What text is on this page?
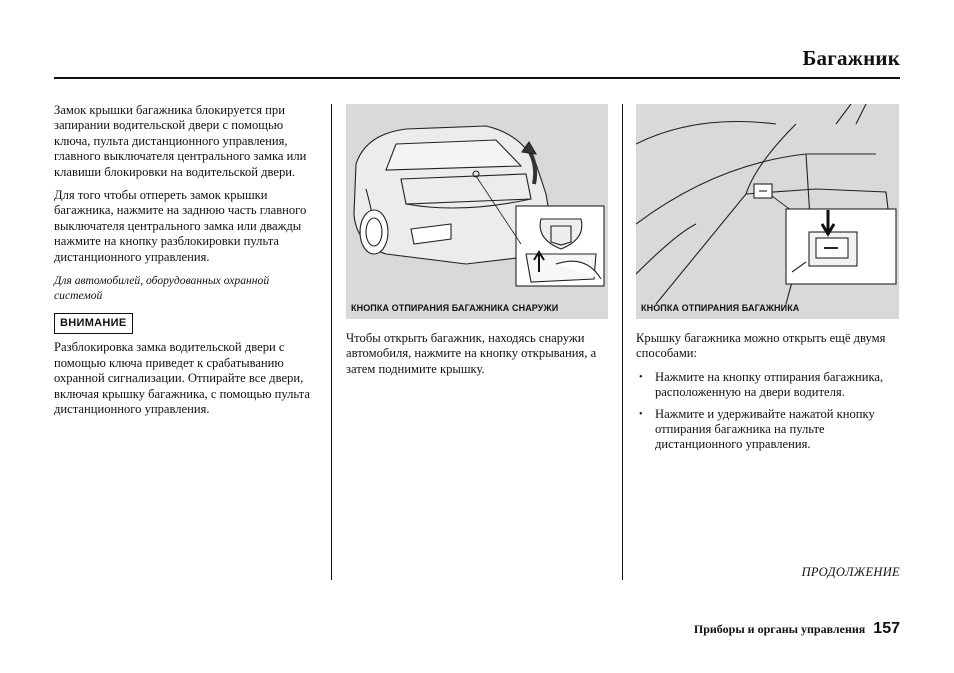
Багажник

Замок крышки багажника блокируется при запирании водительской двери с помощью ключа, пульта дистанционного управления, главного выключателя центрального замка или клавиши блокировки на водительской двери.

Для того чтобы отпереть замок крышки багажника, нажмите на заднюю часть главного выключателя центрального замка или дважды нажмите на кнопку разблокировки пульта дистанционного управления.

Для автомобилей, оборудованных охранной системой

ВНИМАНИЕ

Разблокировка замка водительской двери с помощью ключа приведет к срабатыванию охранной сигнализации. Отпирайте все двери, включая крышку багажника, с помощью пульта дистанционного управления.

КНОПКА ОТПИРАНИЯ БАГАЖНИКА СНАРУЖИ

Чтобы открыть багажник, находясь снаружи автомобиля, нажмите на кнопку открывания, а затем поднимите крышку.

КНОПКА ОТПИРАНИЯ БАГАЖНИКА

Крышку багажника можно открыть ещё двумя способами:

• Нажмите на кнопку отпирания багажника, расположенную на двери водителя.
• Нажмите и удерживайте нажатой кнопку отпирания багажника на пульте дистанционного управления.
ПРОДОЛЖЕНИЕ
Приборы и органы управления 157
